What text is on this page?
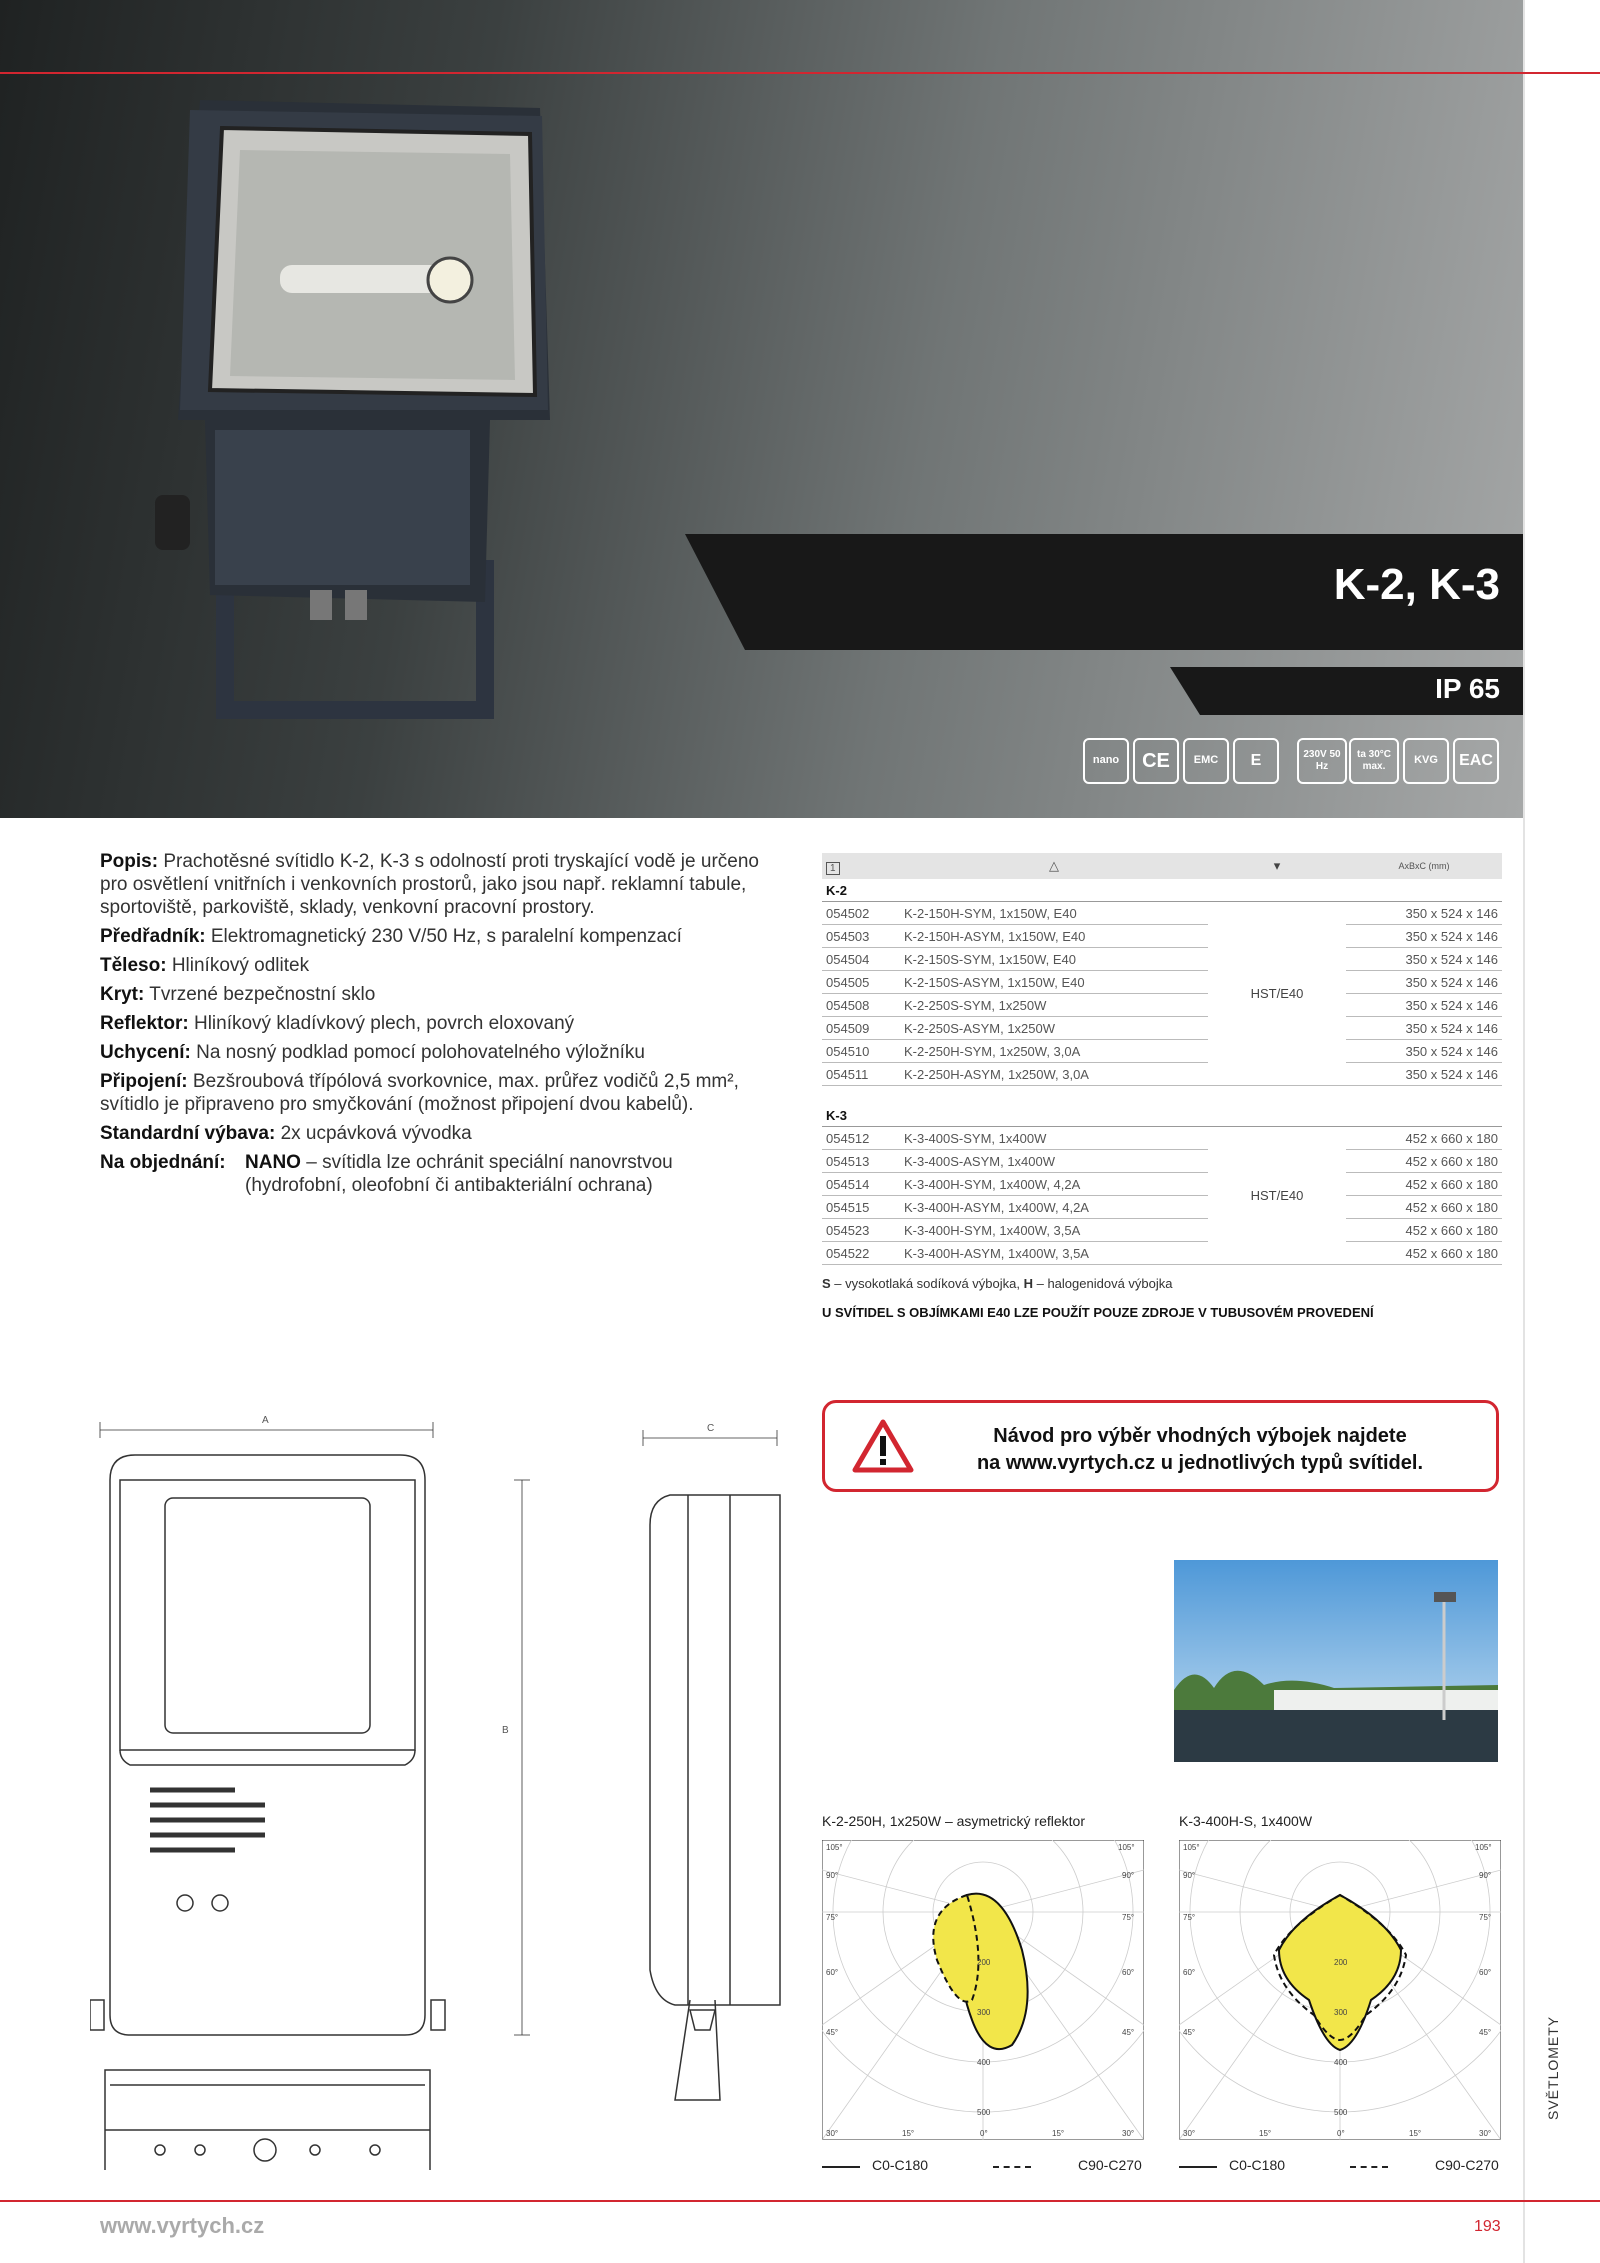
K-2, K-3
IP 65
nano CE EMC E	230V 50 Hz
ta 30°C max.
KVG EAC

Popis: Prachotěsné svítidlo K-2, K-3 s odolností proti tryskající vodě je určeno pro osvětlení vnitřních i venkovních prostorů, jako jsou např. reklamní tabule, sportoviště, parkoviště, sklady, venkovní pracovní prostory.

Předřadník: Elektromagnetický 230 V/50 Hz, s paralelní kompenzací

Těleso: Hliníkový odlitek

Kryt: Tvrzené bezpečnostní sklo

Reflektor: Hliníkový kladívkový plech, povrch eloxovaný

Uchycení: Na nosný podklad pomocí polohovatelného výložníku

Připojení: Bezšroubová třípólová svorkovnice, max. průřez vodičů 2,5 mm², svítidlo je připraveno pro smyčkování (možnost připojení dvou kabelů).

Standardní výbava: 2x ucpávková vývodka

Na objednání:	NANO – svítidla lze ochránit speciální nanovrstvou (hydrofobní, oleofobní či antibakteriální ochrana)
1	△	▾	AxBxC (mm)
K-2			
054502	K-2-150H-SYM, 1x150W, E40	HST/E40	350 x 524 x 146
054503	K-2-150H-ASYM, 1x150W, E40		350 x 524 x 146
054504	K-2-150S-SYM, 1x150W, E40		350 x 524 x 146
054505	K-2-150S-ASYM, 1x150W, E40		350 x 524 x 146
054508	K-2-250S-SYM, 1x250W		350 x 524 x 146
054509	K-2-250S-ASYM, 1x250W		350 x 524 x 146
054510	K-2-250H-SYM, 1x250W, 3,0A		350 x 524 x 146
054511	K-2-250H-ASYM, 1x250W, 3,0A		350 x 524 x 146

K-3			
054512	K-3-400S-SYM, 1x400W	HST/E40	452 x 660 x 180
054513	K-3-400S-ASYM, 1x400W		452 x 660 x 180
054514	K-3-400H-SYM, 1x400W, 4,2A		452 x 660 x 180
054515	K-3-400H-ASYM, 1x400W, 4,2A		452 x 660 x 180
054523	K-3-400H-SYM, 1x400W, 3,5A		452 x 660 x 180
054522	K-3-400H-ASYM, 1x400W, 3,5A		452 x 660 x 180
S – vysokotlaká sodíková výbojka, H – halogenidová výbojka
U SVÍTIDEL S OBJÍMKAMI E40 LZE POUŽÍT POUZE ZDROJE V TUBUSOVÉM PROVEDENÍ
A
B
C	Návod pro výběr vhodných výbojek najdete
na www.vyrtych.cz u jednotlivých typů svítidel.
K-2-250H, 1x250W – asymetrický reflektor	K-3-400H-S, 1x400W
105°	105°
90°	90°
75°	75°
60°	60°
45°	45°
30°	30°
15°	15°
0°
200
300
400
500
105°	105°
90°	90°
75°	75°
60°	60°
45°	45°
30°	30°
15°	15°
0°
200
300
400
500
C0-C180	C90-C270	C0-C180	C90-C270
SVĚTLOMETY
www.vyrtych.cz	193
